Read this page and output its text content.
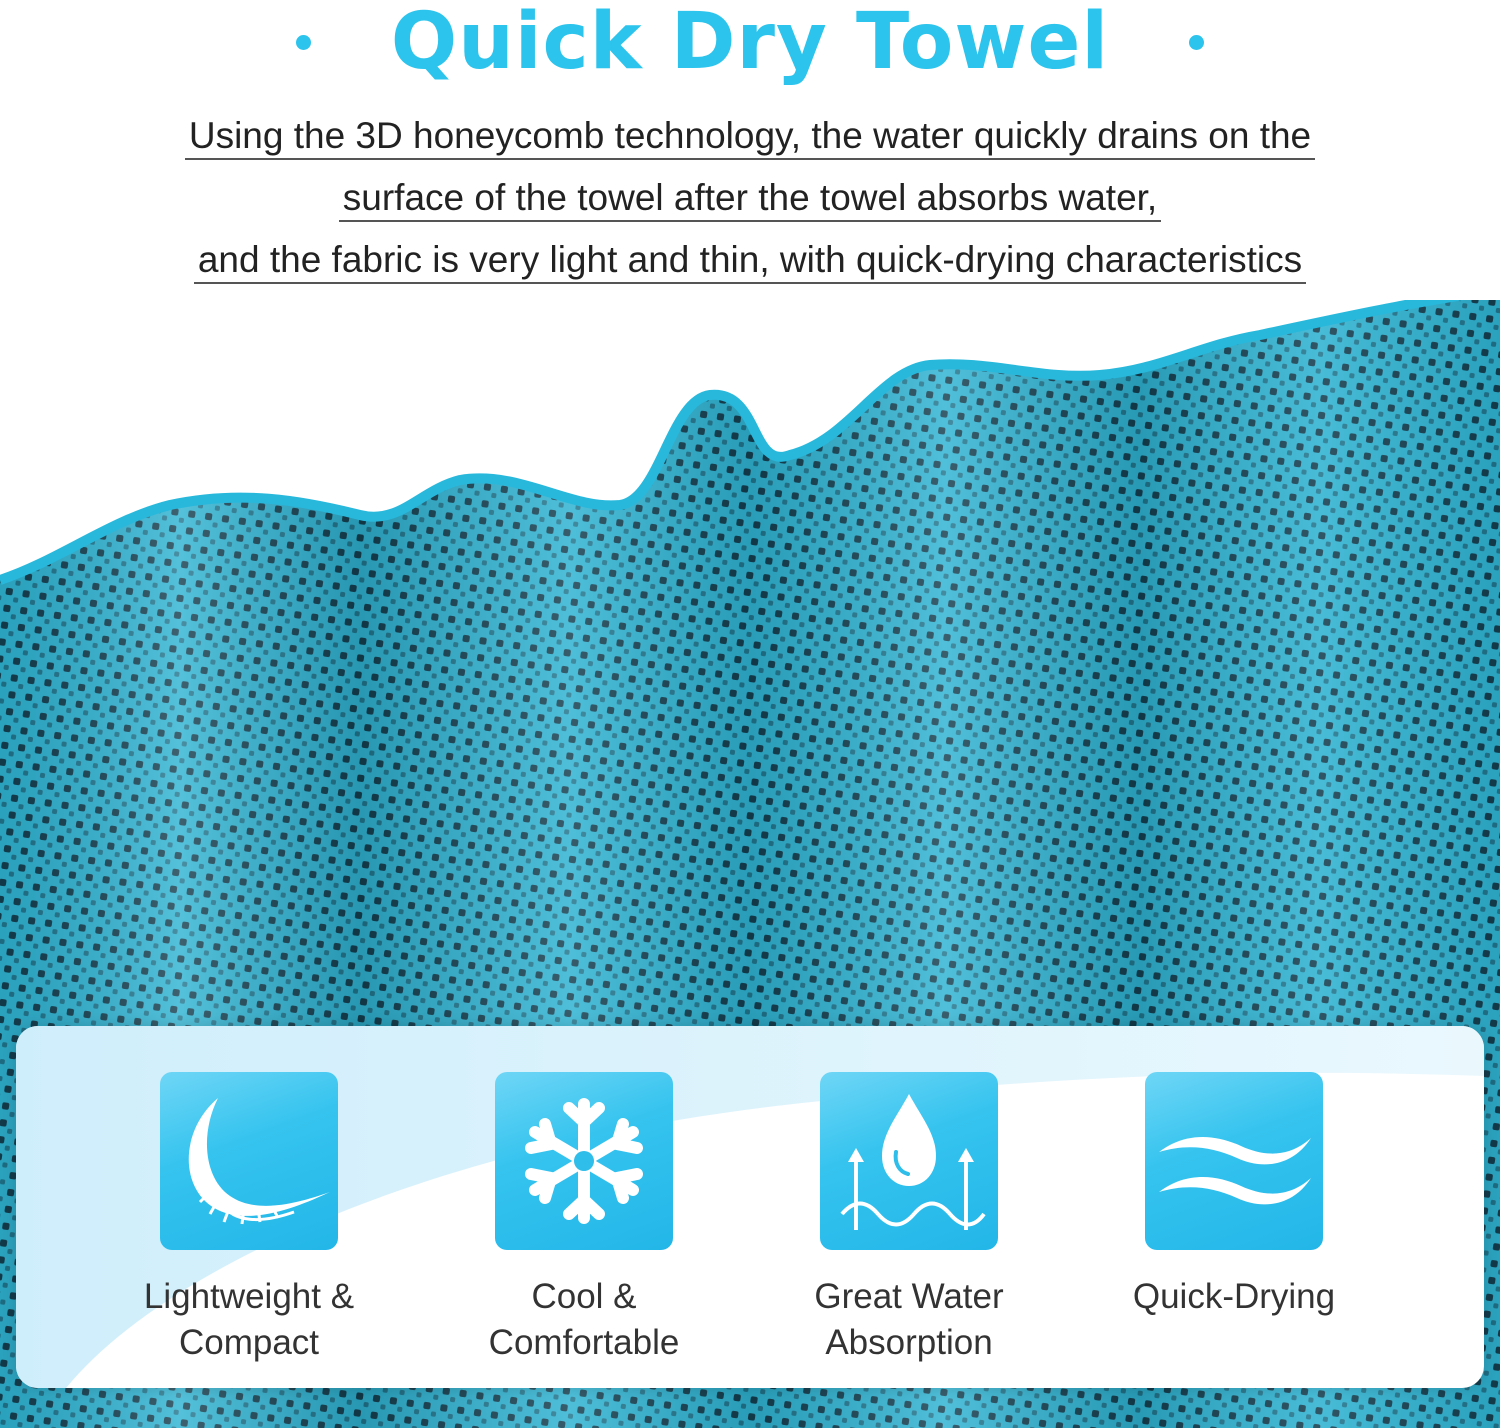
Quick Dry Towel
Using the 3D honeycomb technology, the water quickly drains on the
surface of the towel after the towel absorbs water,
and the fabric is very light and thin, with quick-drying characteristics
Lightweight &
Compact
Cool &
Comfortable
Great Water
Absorption
Quick-Drying
